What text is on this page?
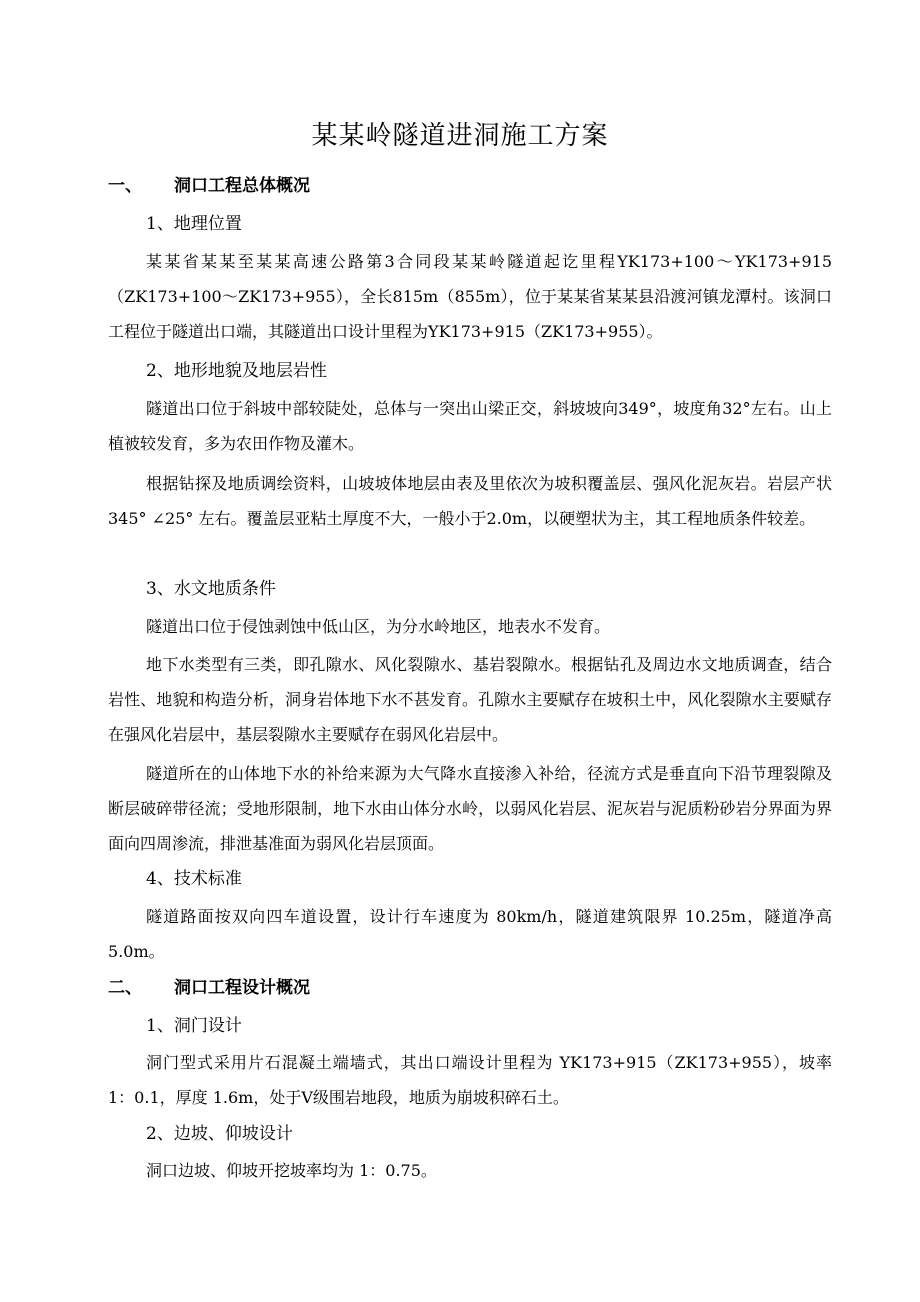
某某岭隧道进洞施工方案
一、 洞口工程总体概况
1、地理位置
某某省某某至某某高速公路第3合同段某某岭隧道起讫里程YK173+100～YK173+915（ZK173+100～ZK173+955），全长815m（855m），位于某某省某某县沿渡河镇龙潭村。该洞口工程位于隧道出口端，其隧道出口设计里程为YK173+915（ZK173+955）。
2、地形地貌及地层岩性
隧道出口位于斜坡中部较陡处，总体与一突出山梁正交，斜坡坡向349°，坡度角32°左右。山上植被较发育，多为农田作物及灌木。
根据钻探及地质调绘资料，山坡坡体地层由表及里依次为坡积覆盖层、强风化泥灰岩。岩层产状345° ∠25° 左右。覆盖层亚粘土厚度不大，一般小于2.0m，以硬塑状为主，其工程地质条件较差。
3、水文地质条件
隧道出口位于侵蚀剥蚀中低山区，为分水岭地区，地表水不发育。
地下水类型有三类，即孔隙水、风化裂隙水、基岩裂隙水。根据钻孔及周边水文地质调查，结合岩性、地貌和构造分析，洞身岩体地下水不甚发育。孔隙水主要赋存在坡积土中，风化裂隙水主要赋存在强风化岩层中，基层裂隙水主要赋存在弱风化岩层中。
隧道所在的山体地下水的补给来源为大气降水直接渗入补给，径流方式是垂直向下沿节理裂隙及断层破碎带径流；受地形限制，地下水由山体分水岭，以弱风化岩层、泥灰岩与泥质粉砂岩分界面为界面向四周渗流，排泄基准面为弱风化岩层顶面。
4、技术标准
隧道路面按双向四车道设置，设计行车速度为 80km/h，隧道建筑限界 10.25m，隧道净高 5.0m。
二、 洞口工程设计概况
1、洞门设计
洞门型式采用片石混凝土端墙式，其出口端设计里程为 YK173+915（ZK173+955），坡率 1：0.1，厚度 1.6m，处于Ⅴ级围岩地段，地质为崩坡积碎石土。
2、边坡、仰坡设计
洞口边坡、仰坡开挖坡率均为 1：0.75。
